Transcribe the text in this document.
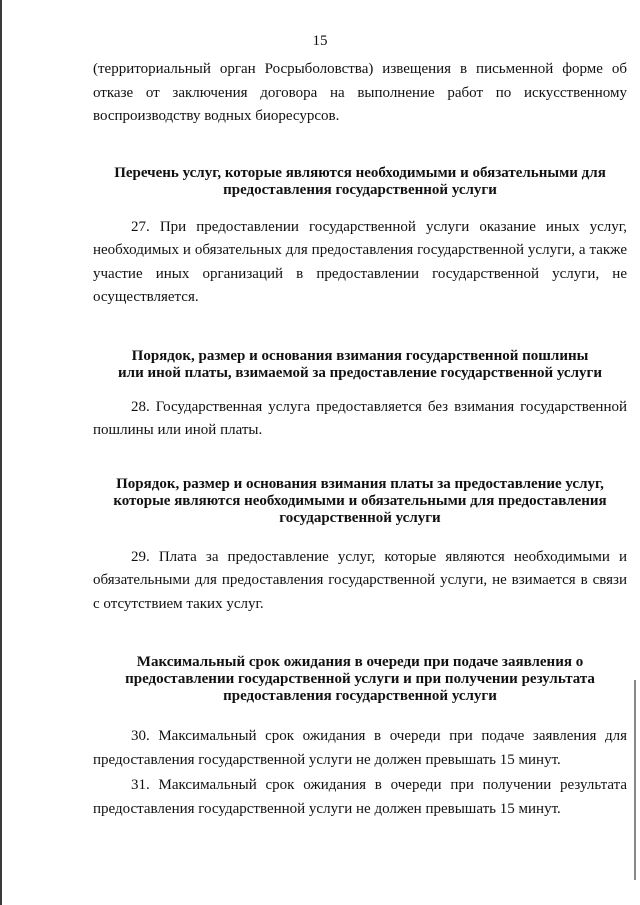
15

(территориальный орган Росрыболовства) извещения в письменной форме об отказе от заключения договора на выполнение работ по искусственному воспроизводству водных биоресурсов.

Перечень услуг, которые являются необходимыми и обязательными для
предоставления государственной услуги

27. При предоставлении государственной услуги оказание иных услуг, необходимых и обязательных для предоставления государственной услуги, а также участие иных организаций в предоставлении государственной услуги, не осуществляется.

Порядок, размер и основания взимания государственной пошлины
или иной платы, взимаемой за предоставление государственной услуги

28. Государственная услуга предоставляется без взимания государственной пошлины или иной платы.

Порядок, размер и основания взимания платы за предоставление услуг,
которые являются необходимыми и обязательными для предоставления
государственной услуги

29. Плата за предоставление услуг, которые являются необходимыми и обязательными для предоставления государственной услуги, не взимается в связи с отсутствием таких услуг.

Максимальный срок ожидания в очереди при подаче заявления о
предоставлении государственной услуги и при получении результата
предоставления государственной услуги

30. Максимальный срок ожидания в очереди при подаче заявления для предоставления государственной услуги не должен превышать 15 минут.

31. Максимальный срок ожидания в очереди при получении результата предоставления государственной услуги не должен превышать 15 минут.
